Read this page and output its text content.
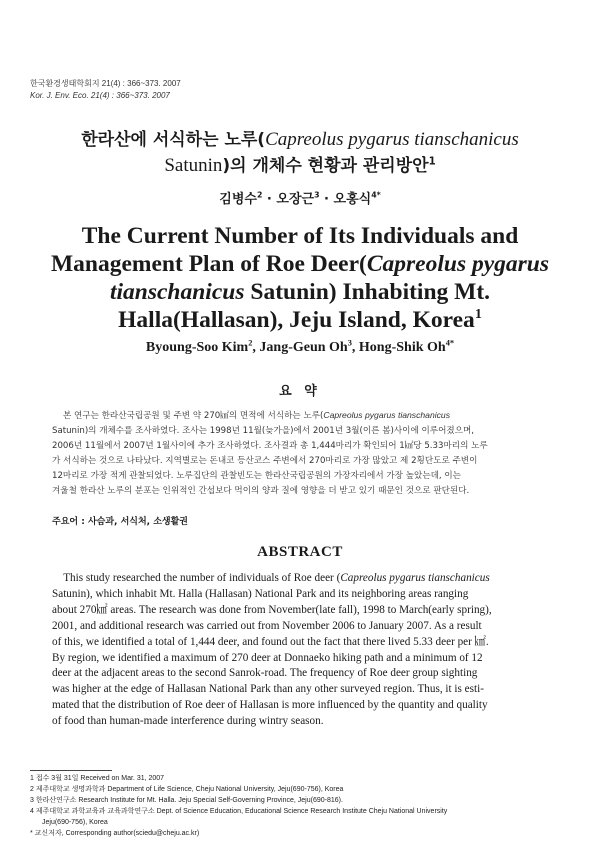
한국환경생태학회지 21(4) : 366~373. 2007
Kor. J. Env. Eco. 21(4) : 366~373. 2007
한라산에 서식하는 노루(Capreolus pygarus tianschanicus
Satunin)의 개체수 현황과 관리방안$^1$
김병수$^2$ · 오장근$^3$ · 오홍식$^{4*}$
The Current Number of Its Individuals and Management Plan of Roe Deer(Capreolus pygarus tianschanicus Satunin) Inhabiting Mt. Halla(Hallasan), Jeju Island, Korea$^1$
Byoung-Soo Kim$^2$, Jang-Geun Oh$^3$, Hong-Shik $Oh^{4*}$
요 약
본 연구는 한라산국립공원 및 주변 약 270㎢의 면적에 서식하는 노루(Capreolus pygarus tianschanicus
Satunin)의 개체수를 조사하였다. 조사는 1998년 11월(늦가을)에서 2001년 3월(이른 봄)사이에 이루어졌으며,
2006년 11월에서 2007년 1월사이에 추가 조사하였다. 조사결과 총 1,444마리가 확인되어 1㎢당 5.33마리의 노루
가 서식하는 것으로 나타났다. 지역별로는 돈내코 등산코스 주변에서 270마리로 가장 많았고 제 2횡단도로 주변이
12마리로 가장 적게 관찰되었다. 노루집단의 관찰빈도는 한라산국립공원의 가장자리에서 가장 높았는데, 이는
겨울철 한라산 노루의 분포는 인위적인 간섭보다 먹이의 양과 질에 영향을 더 받고 있기 때문인 것으로 판단된다.
주요어 : 사슴과, 서식처, 소생활권
ABSTRACT
This study researched the number of individuals of Roe deer (Capreolus pygarus tianschanicus
Satunin), which inhabit Mt. Halla (Hallasan) National Park and its neighboring areas ranging
about 270㎢ areas. The research was done from November(late fall), 1998 to March(early spring),
2001, and additional research was carried out from November 2006 to January 2007. As a result
of this, we identified a total of 1,444 deer, and found out the fact that there lived 5.33 deer per ㎢.
By region, we identified a maximum of 270 deer at Donnaeko hiking path and a minimum of 12
deer at the adjacent areas to the second Sanrok-road. The frequency of Roe deer group sighting
was higher at the edge of Hallasan National Park than any other surveyed region. Thus, it is esti-
mated that the distribution of Roe deer of Hallasan is more influenced by the quantity and quality
of food than human-made interference during wintry season.
1 접수 3월 31일 Received on Mar. 31, 2007
2 제주대학교 생명과학과 Department of Life Science, Cheju National University, Jeju(690-756), Korea
3 한라산연구소 Research Institute for Mt. Halla. Jeju Special Self-Governing Province, Jeju(690-816).
4 제주대학교 과학교육과 교육과학연구소 Dept. of Science Education, Educational Science Research Institute Cheju National University
Jeju(690-756), Korea
* 교신저자, Corresponding author(sciedu@cheju.ac.kr)
